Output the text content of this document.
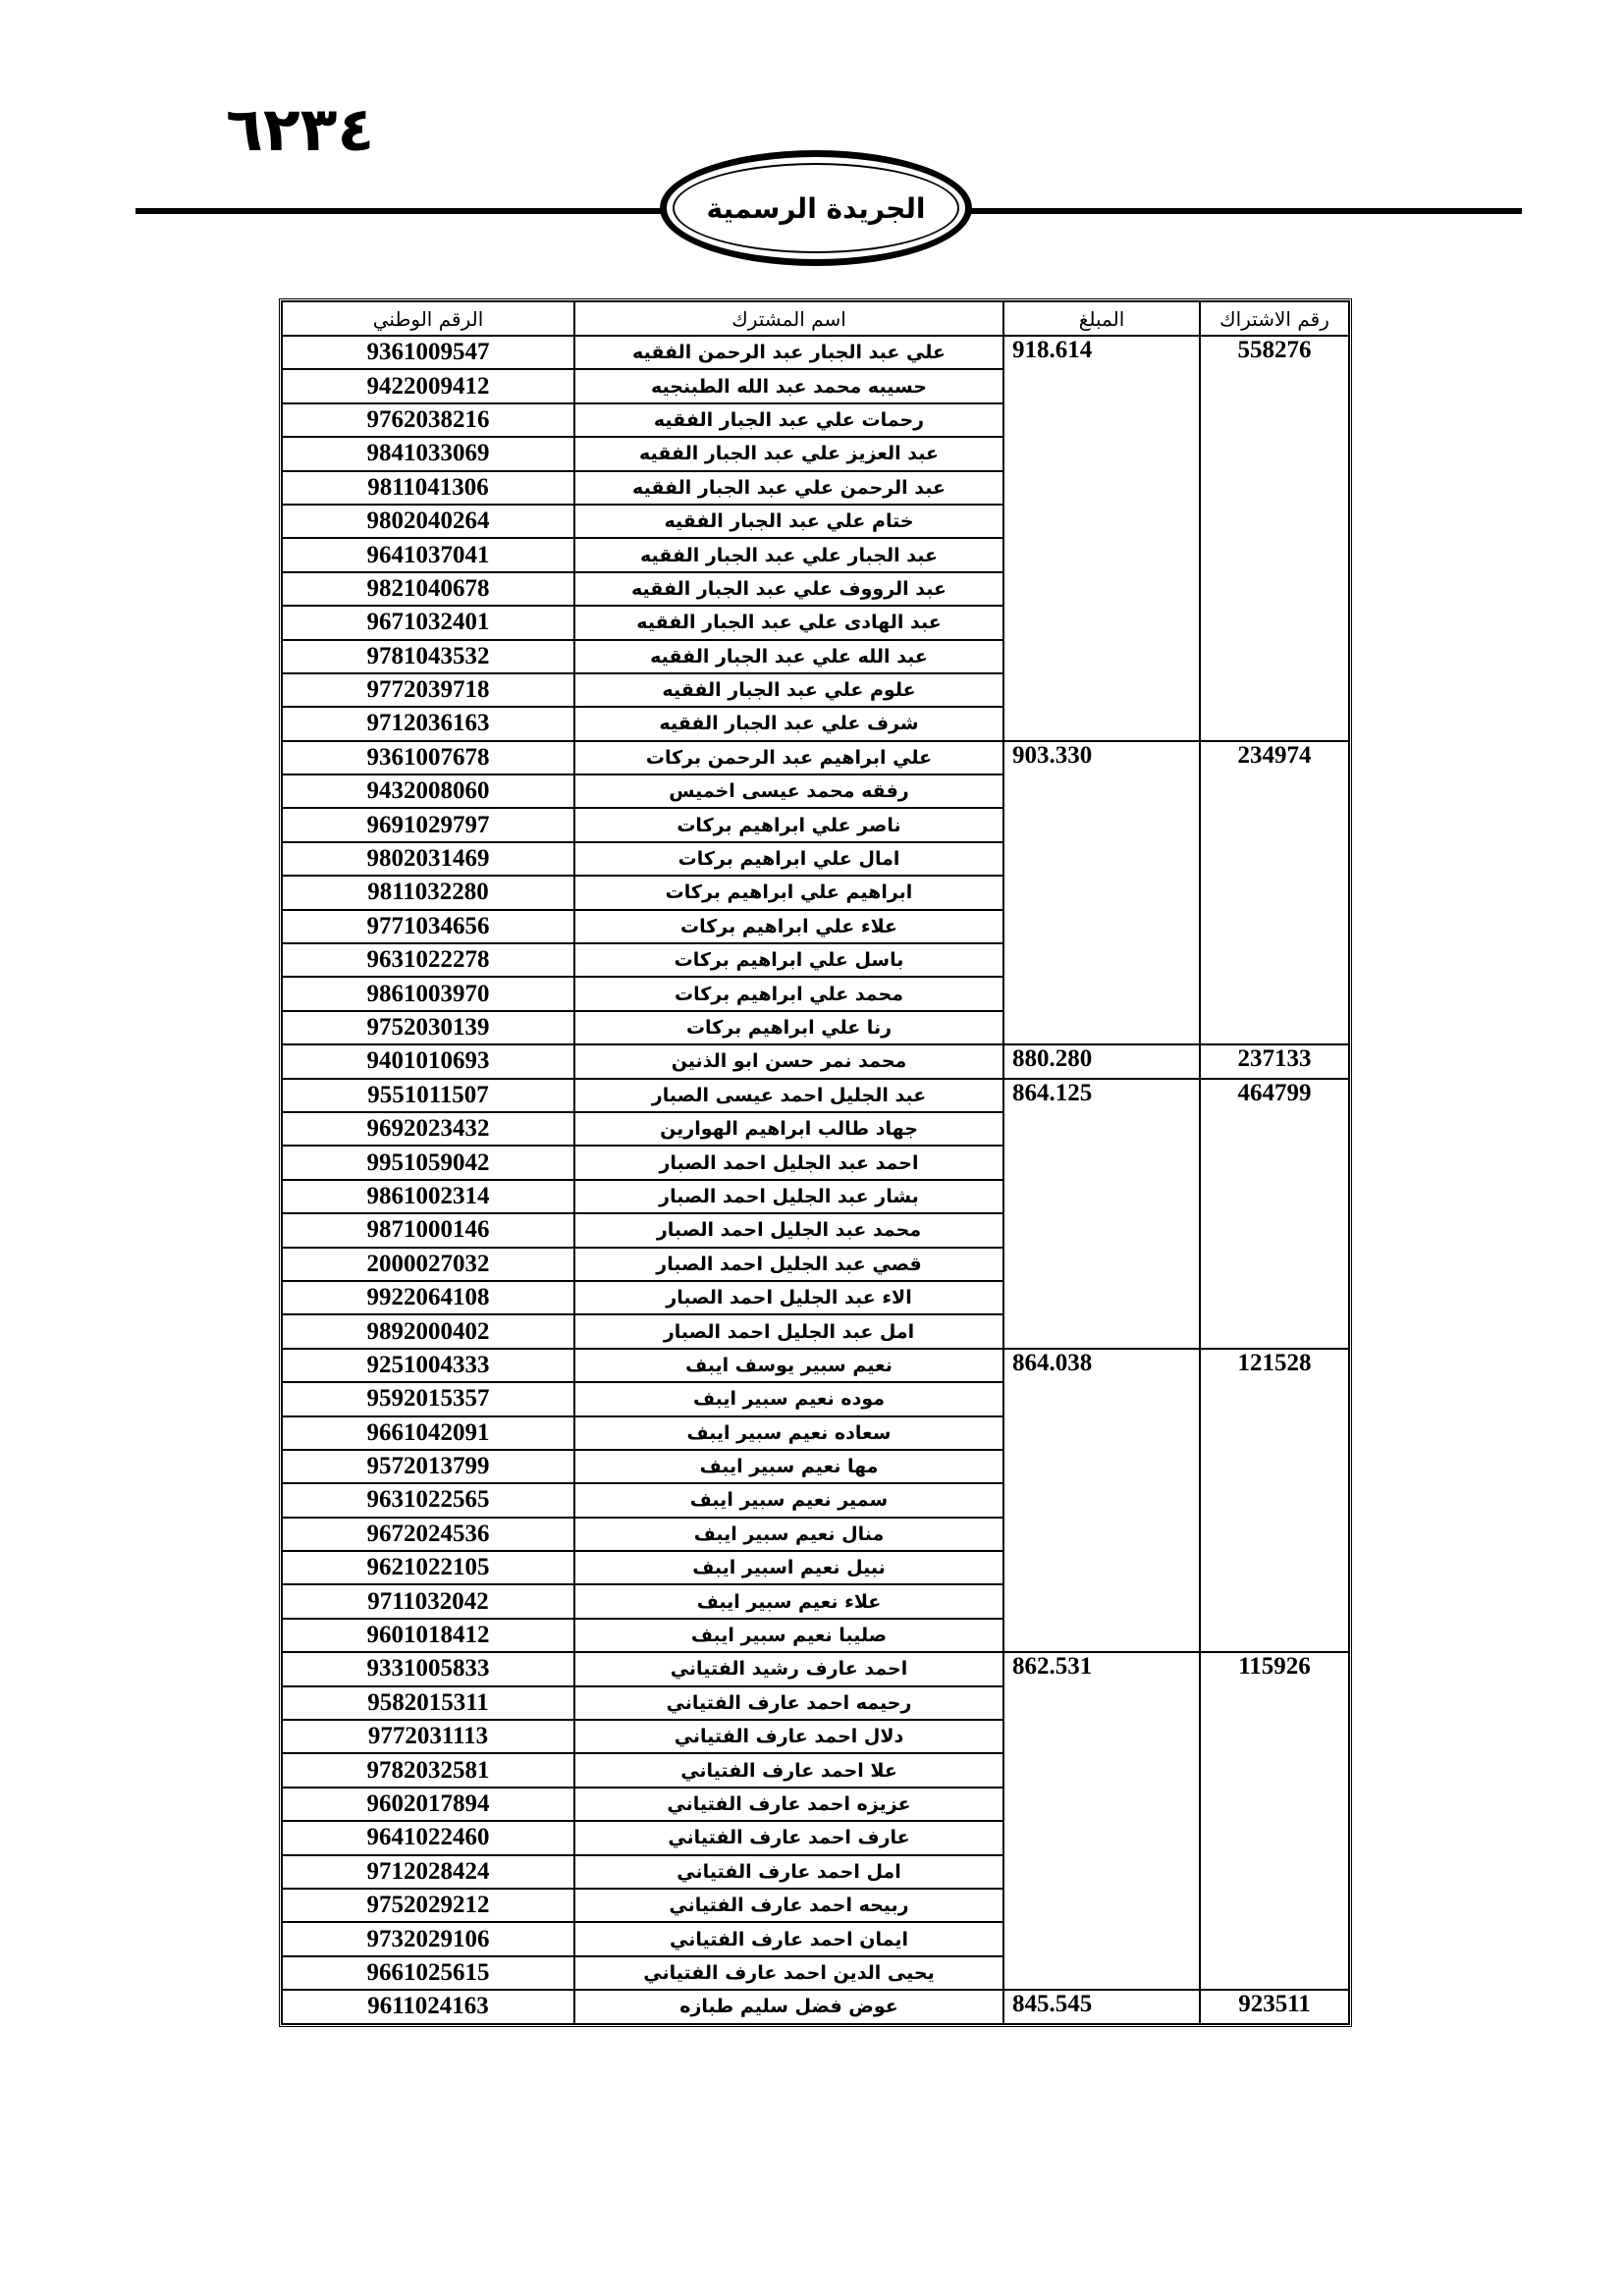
٦٢٣٤
الجريدة الرسمية
رقم الاشتراك	المبلغ	اسم المشترك	الرقم الوطني
558276	918.614	علي عبد الجبار عبد الرحمن الفقيه	9361009547
		حسيبه محمد عبد الله الطبنجيه	9422009412
		رحمات علي عبد الجبار الفقيه	9762038216
		عبد العزيز علي عبد الجبار الفقيه	9841033069
		عبد الرحمن علي عبد الجبار الفقيه	9811041306
		ختام علي عبد الجبار الفقيه	9802040264
		عبد الجبار علي عبد الجبار الفقيه	9641037041
		عبد الرووف علي عبد الجبار الفقيه	9821040678
		عبد الهادى علي عبد الجبار الفقيه	9671032401
		عبد الله علي عبد الجبار الفقيه	9781043532
		علوم علي عبد الجبار الفقيه	9772039718
		شرف علي عبد الجبار الفقيه	9712036163
234974	903.330	علي ابراهيم عبد الرحمن بركات	9361007678
		رفقه محمد عيسى اخميس	9432008060
		ناصر علي ابراهيم بركات	9691029797
		امال علي ابراهيم بركات	9802031469
		ابراهيم علي ابراهيم بركات	9811032280
		علاء علي ابراهيم بركات	9771034656
		باسل علي ابراهيم بركات	9631022278
		محمد علي ابراهيم بركات	9861003970
		رنا علي ابراهيم بركات	9752030139
237133	880.280	محمد نمر حسن ابو الذنين	9401010693
464799	864.125	عبد الجليل احمد عيسى الصبار	9551011507
		جهاد طالب ابراهيم الهوارين	9692023432
		احمد عبد الجليل احمد الصبار	9951059042
		بشار عبد الجليل احمد الصبار	9861002314
		محمد عبد الجليل احمد الصبار	9871000146
		قصي عبد الجليل احمد الصبار	2000027032
		الاء عبد الجليل احمد الصبار	9922064108
		امل عبد الجليل احمد الصبار	9892000402
121528	864.038	نعيم سبير يوسف ايبف	9251004333
		موده نعيم سبير ايبف	9592015357
		سعاده نعيم سبير ايبف	9661042091
		مها نعيم سبير ايبف	9572013799
		سمير نعيم سبير ايبف	9631022565
		منال نعيم سبير ايبف	9672024536
		نبيل نعيم اسبير ايبف	9621022105
		علاء نعيم سبير ايبف	9711032042
		صليبا نعيم سبير ايبف	9601018412
115926	862.531	احمد عارف رشيد الفتياني	9331005833
		رحيمه احمد عارف الفتياني	9582015311
		دلال احمد عارف الفتياني	9772031113
		علا احمد عارف الفتياني	9782032581
		عزيزه احمد عارف الفتياني	9602017894
		عارف احمد عارف الفتياني	9641022460
		امل احمد عارف الفتياني	9712028424
		ربيحه احمد عارف الفتياني	9752029212
		ايمان احمد عارف الفتياني	9732029106
		يحيى الدين احمد عارف الفتياني	9661025615
923511	845.545	عوض فضل سليم طبازه	9611024163
